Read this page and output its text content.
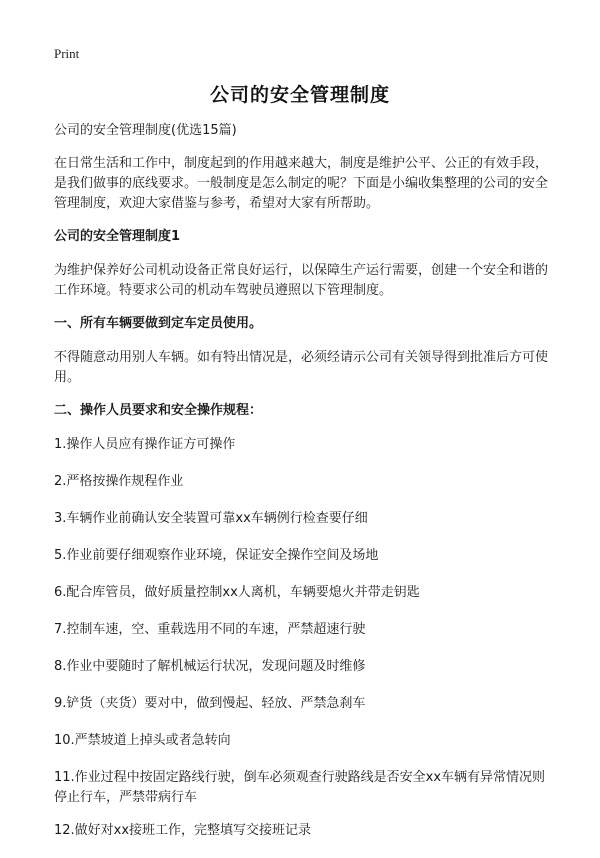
Print
公司的安全管理制度
公司的安全管理制度(优选15篇)
在日常生活和工作中，制度起到的作用越来越大，制度是维护公平、公正的有效手段，是我们做事的底线要求。一般制度是怎么制定的呢？下面是小编收集整理的公司的安全管理制度，欢迎大家借鉴与参考，希望对大家有所帮助。
公司的安全管理制度1
为维护保养好公司机动设备正常良好运行，以保障生产运行需要，创建一个安全和谐的工作环境。特要求公司的机动车驾驶员遵照以下管理制度。
一、所有车辆要做到定车定员使用。
不得随意动用别人车辆。如有特出情况是，必须经请示公司有关领导得到批准后方可使用。
二、操作人员要求和安全操作规程：
1.操作人员应有操作证方可操作
2.严格按操作规程作业
3.车辆作业前确认安全装置可靠xx车辆例行检查要仔细
5.作业前要仔细观察作业环境，保证安全操作空间及场地
6.配合库管员，做好质量控制xx人离机，车辆要熄火并带走钥匙
7.控制车速，空、重载选用不同的车速，严禁超速行驶
8.作业中要随时了解机械运行状况，发现问题及时维修
9.铲货（夹货）要对中，做到慢起、轻放、严禁急刹车
10.严禁坡道上掉头或者急转向
11.作业过程中按固定路线行驶，倒车必须观查行驶路线是否安全xx车辆有异常情况则停止行车，严禁带病行车
12.做好对xx接班工作，完整填写交接班记录
